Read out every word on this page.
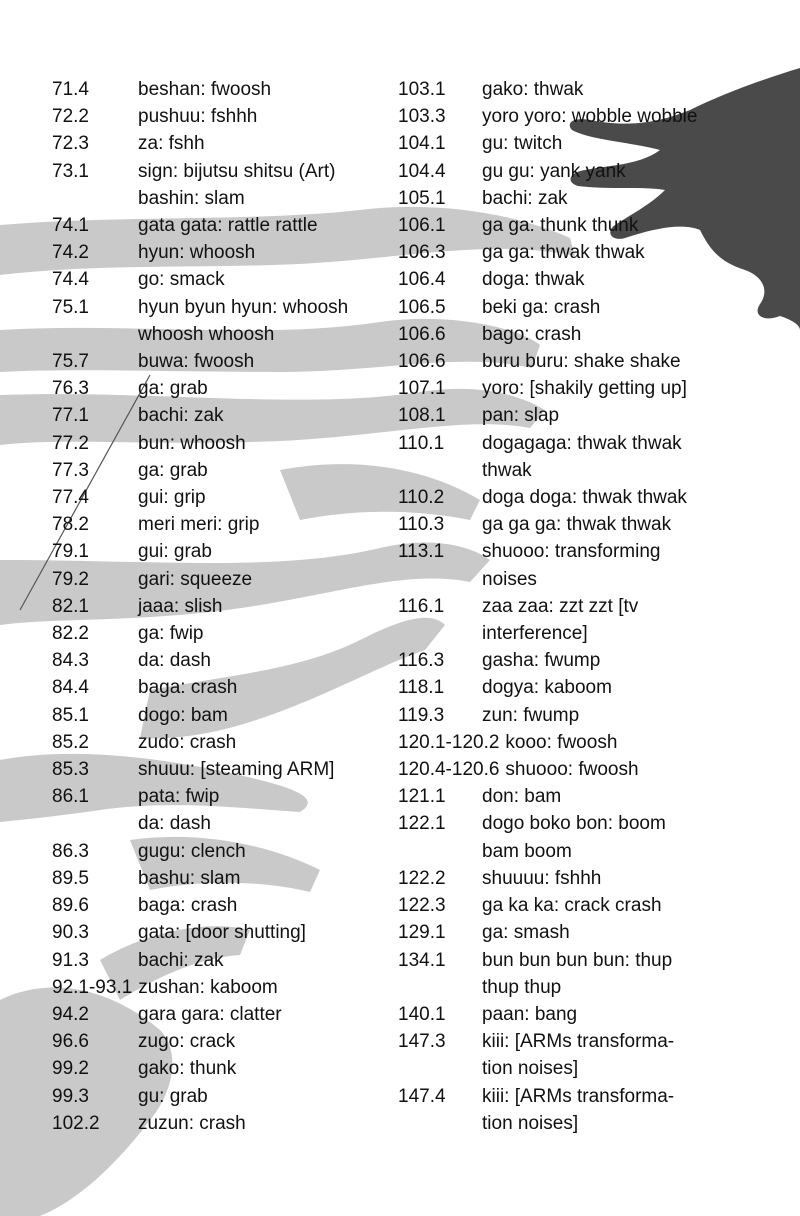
71.4	beshan: fwoosh
72.2	pushuu: fshhh
72.3	za: fshh
73.1	sign: bijutsu shitsu (Art)
bashin: slam
74.1	gata gata: rattle rattle
74.2	hyun: whoosh
74.4	go: smack
75.1	hyun byun hyun: whoosh
whoosh whoosh
75.7	buwa: fwoosh
76.3	ga: grab
77.1	bachi: zak
77.2	bun: whoosh
77.3	ga: grab
77.4	gui: grip
78.2	meri meri: grip
79.1	gui: grab
79.2	gari: squeeze
82.1	jaaa: slish
82.2	ga: fwip
84.3	da: dash
84.4	baga: crash
85.1	dogo: bam
85.2	zudo: crash
85.3	shuuu: [steaming ARM]
86.1	pata: fwip
da: dash
86.3	gugu: clench
89.5	bashu: slam
89.6	baga: crash
90.3	gata: [door shutting]
91.3	bachi: zak
92.1-93.1 zushan: kaboom
94.2	gara gara: clatter
96.6	zugo: crack
99.2	gako: thunk
99.3	gu: grab
102.2	zuzun: crash
103.1	gako: thwak
103.3	yoro yoro: wobble wobble
104.1	gu: twitch
104.4	gu gu: yank yank
105.1	bachi: zak
106.1	ga ga: thunk thunk
106.3	ga ga: thwak thwak
106.4	doga: thwak
106.5	beki ga: crash
106.6	bago: crash
106.6	buru buru: shake shake
107.1	yoro: [shakily getting up]
108.1	pan: slap
110.1	dogagaga: thwak thwak
thwak
110.2	doga doga: thwak thwak
110.3	ga ga ga: thwak thwak
113.1	shuooo: transforming
noises
116.1	zaa zaa: zzt zzt [tv
interference]
116.3	gasha: fwump
118.1	dogya: kaboom
119.3	zun: fwump
120.1-120.2 kooo: fwoosh
120.4-120.6 shuooo: fwoosh
121.1	don: bam
122.1	dogo boko bon: boom
bam boom
122.2	shuuuu: fshhh
122.3	ga ka ka: crack crash
129.1	ga: smash
134.1	bun bun bun bun: thup
thup thup
140.1	paan: bang
147.3	kiii: [ARMs transforma-
tion noises]
147.4	kiii: [ARMs transforma-
tion noises]
